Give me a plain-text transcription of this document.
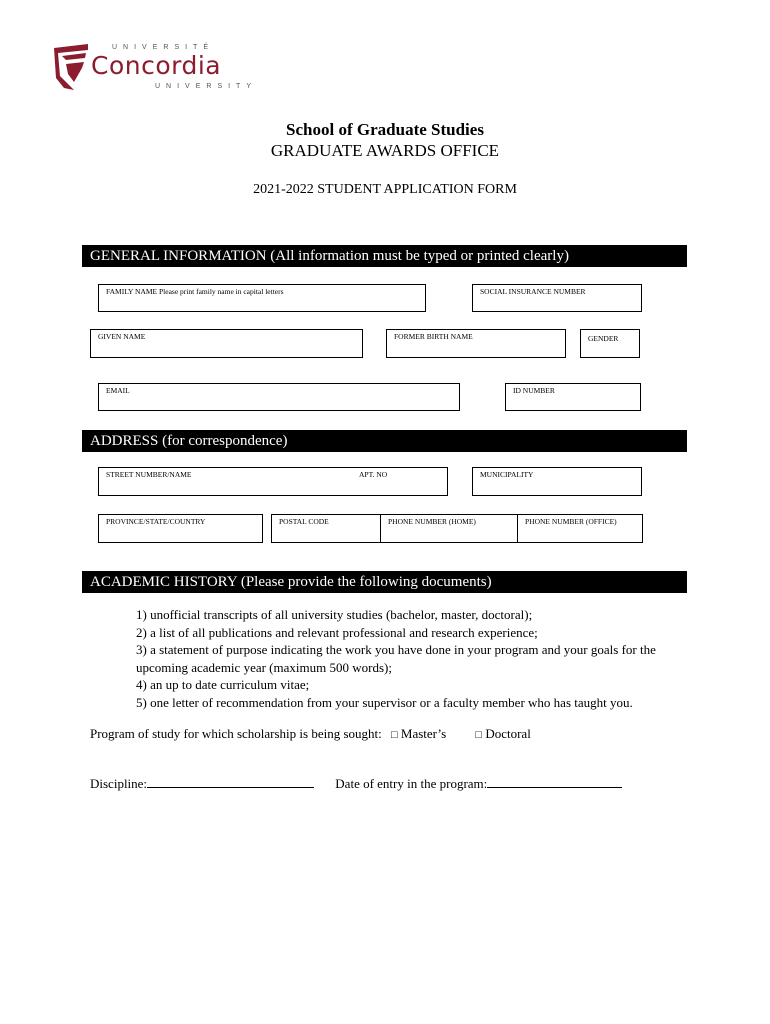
UNIVERSITÉ
Concordia
UNIVERSITY
School of Graduate Studies
GRADUATE AWARDS OFFICE
2021-2022 STUDENT APPLICATION FORM
GENERAL INFORMATION (All information must be typed or printed clearly)
FAMILY NAME Please print family name in capital letters	SOCIAL INSURANCE NUMBER
GIVEN NAME	FORMER BIRTH NAME	GENDER
EMAIL	ID NUMBER
ADDRESS (for correspondence)
STREET NUMBER/NAME	APT. NO	MUNICIPALITY
PROVINCE/STATE/COUNTRY	POSTAL CODE	PHONE NUMBER (HOME)	PHONE NUMBER (OFFICE)
ACADEMIC HISTORY (Please provide the following documents)
1) unofficial transcripts of all university studies (bachelor, master, doctoral);
2) a list of all publications and relevant professional and research experience;
3) a statement of purpose indicating the work you have done in your program and your goals for the upcoming academic year (maximum 500 words);
4) an up to date curriculum vitae;
5) one letter of recommendation from your supervisor or a faculty member who has taught you.
Program of study for which scholarship is being sought: □ Master’s	□ Doctoral
Discipline:	Date of entry in the program:
